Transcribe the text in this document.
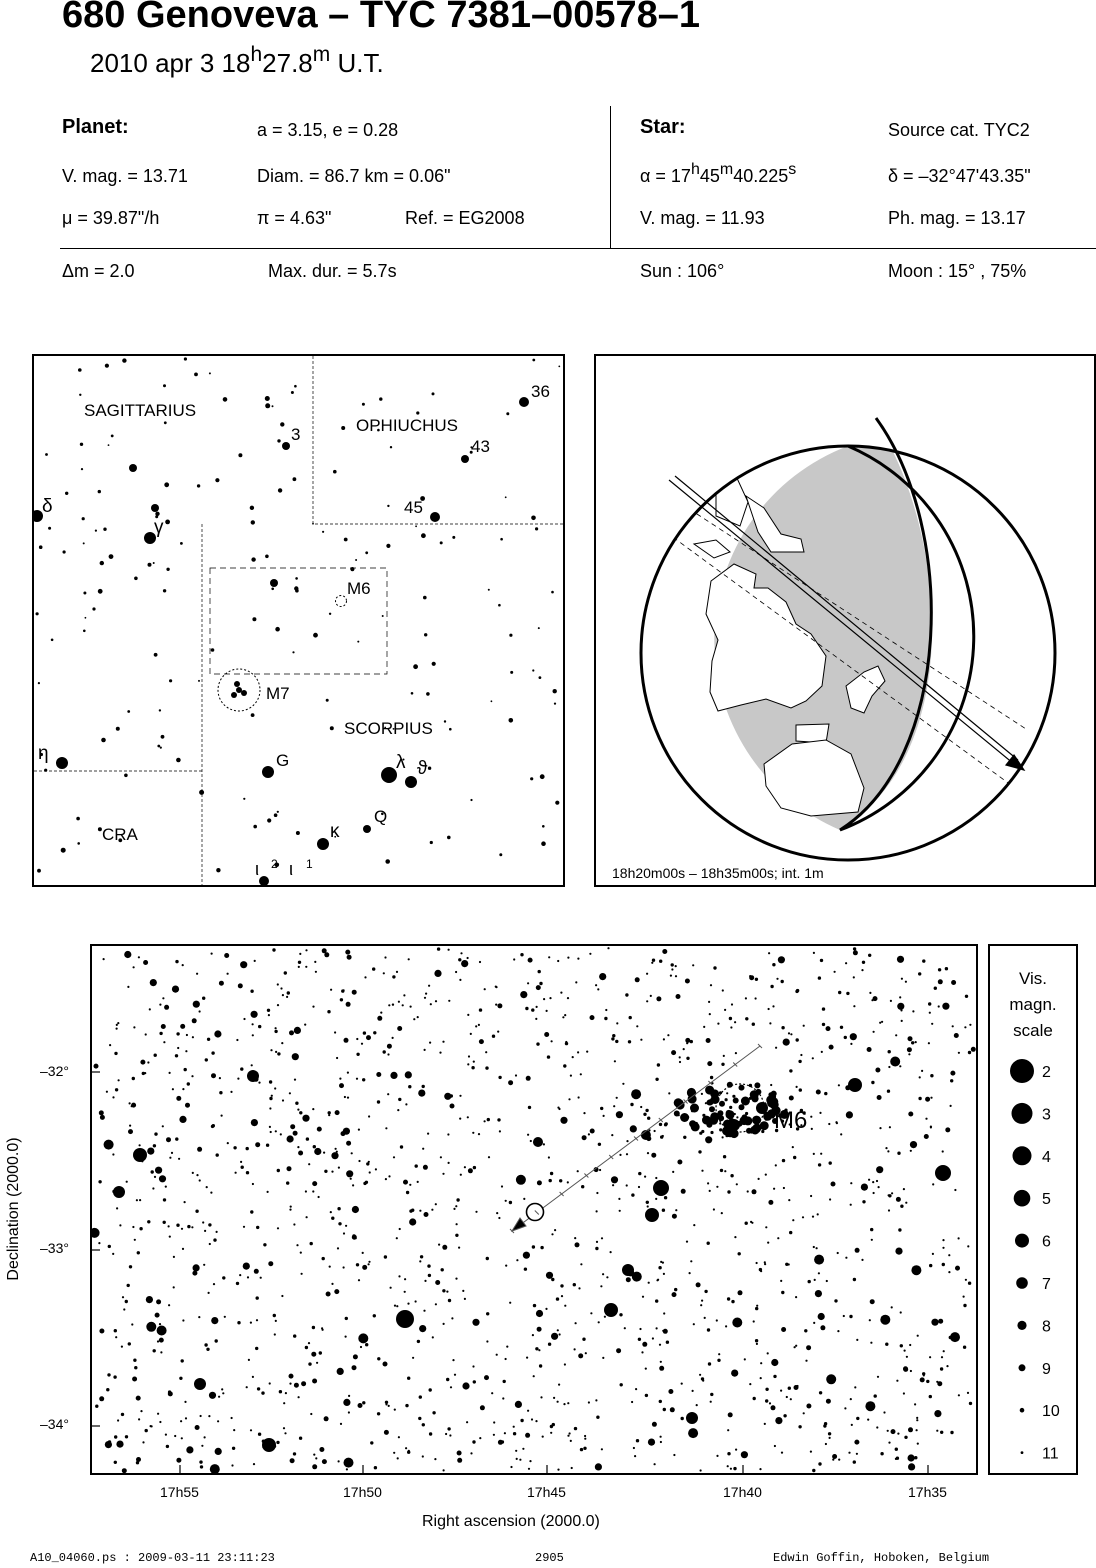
680 Genoveva – TYC 7381–00578–1
2010 apr 3 18$^h$27.8$^m$ U.T.
Planet:	a = 3.15, e = 0.28
V. mag. = 13.71	Diam. = 86.7 km = 0.06"
μ = 39.87"/h	π = 4.63"	Ref. = EG2008
Star:	Source cat. TYC2
$\alpha = 17^h45^m40.225^s$	δ = –32°47'43.35"
V. mag. = 11.93	Ph. mag. = 13.17
Δm = 2.0	Max. dur. = 5.7s	Sun : 106°	Moon : 15° , 75%
SAGITTARIUS
OPHIUCHUS
SCORPIUS
CRA
36
43
45
3
M6
M7
G
Q
δ
γ
η	λ ϑ
κ
ι 2 ι 1
18h20m00s – 18h35m00s; int. 1m
M6
–32°
–33°
–34°
Declination (2000.0)
17h55	17h50	17h45	17h40	17h35
Right ascension (2000.0)
Vis.
magn.
scale
2
3
4
5
6
7
8
9
10
11
A10_04060.ps : 2009-03-11 23:11:23	2905	Edwin Goffin, Hoboken, Belgium
